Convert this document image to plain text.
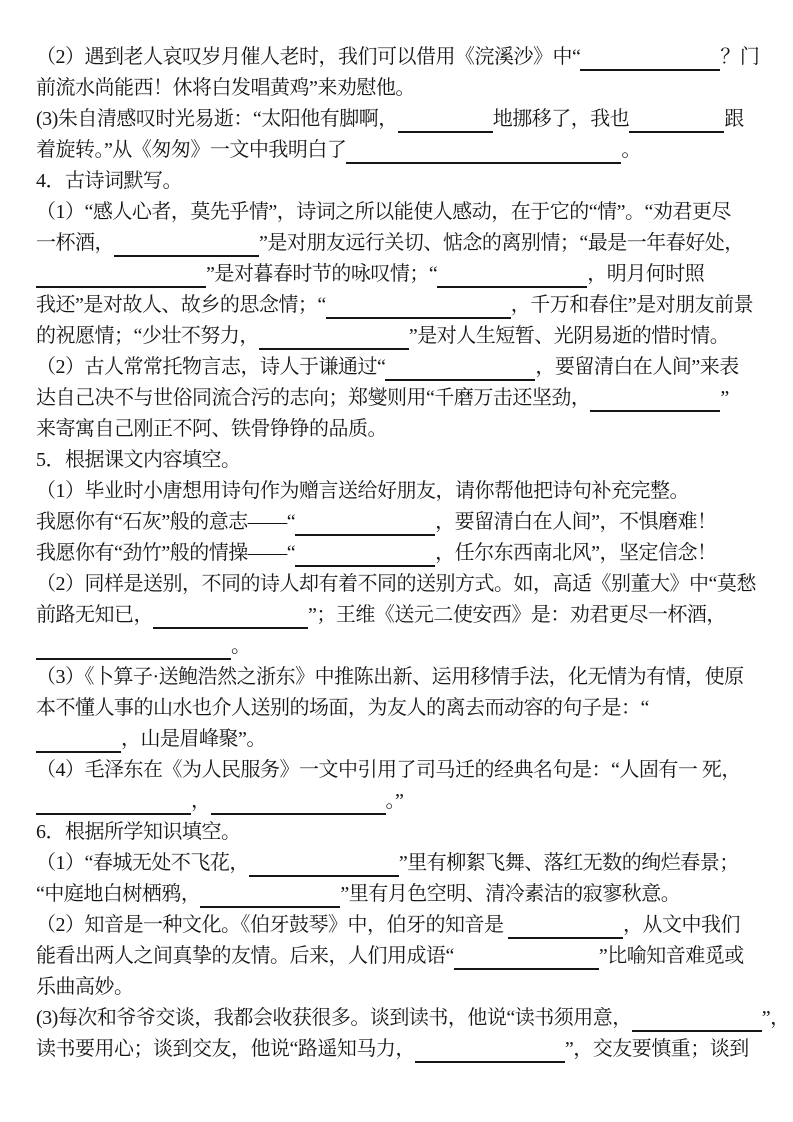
（2）遇到老人哀叹岁月催人老时，我们可以借用《浣溪沙》中“	？门
前流水尚能西！休将白发唱黄鸡”来劝慰他。
(3)朱自清感叹时光易逝：“太阳他有脚啊，	地挪移了，我也	跟
着旋转。”从《匆匆》一文中我明白了	。
4．古诗词默写。
（1）“感人心者，莫先乎情”，诗词之所以能使人感动，在于它的“情”。“劝君更尽
一杯酒，	”是对朋友远行关切、惦念的离别情；“最是一年春好处，
”是对暮春时节的咏叹情；“	，明月何时照
我还”是对故人、故乡的思念情；“	，千万和春住”是对朋友前景
的祝愿情；“少壮不努力，	”是对人生短暂、光阴易逝的惜时情。
（2）古人常常托物言志，诗人于谦通过“	，要留清白在人间”来表
达自己决不与世俗同流合污的志向；郑燮则用“千磨万击还坚劲，	”
来寄寓自己刚正不阿、铁骨铮铮的品质。
5．根据课文内容填空。
（1）毕业时小唐想用诗句作为赠言送给好朋友，请你帮他把诗句补充完整。
我愿你有“石灰”般的意志——“	，要留清白在人间”，不惧磨难！
我愿你有“劲竹”般的情操——“	，任尔东西南北风”，坚定信念！
（2）同样是送别，不同的诗人却有着不同的送别方式。如，高适《别董大》中“莫愁
前路无知已，	”；王维《送元二使安西》是：劝君更尽一杯酒，
。
（3）《卜算子·送鲍浩然之浙东》中推陈出新、运用移情手法，化无情为有情，使原
本不懂人事的山水也介人送别的场面，为友人的离去而动容的句子是：“
，山是眉峰聚”。
（4）毛泽东在《为人民服务》一文中引用了司马迁的经典名句是：“人固有一 死，
，	。”
6．根据所学知识填空。
（1）“春城无处不飞花，	”里有柳絮飞舞、落红无数的绚烂春景；
“中庭地白树栖鸦，	”里有月色空明、清冷素洁的寂寥秋意。
（2）知音是一种文化。《伯牙鼓琴》中，伯牙的知音是	，从文中我们
能看出两人之间真挚的友情。后来，人们用成语“	”比喻知音难觅或
乐曲高妙。
(3)每次和爷爷交谈，我都会收获很多。谈到读书，他说“读书须用意，	”，
读书要用心；谈到交友，他说“路遥知马力，	”，交友要慎重；谈到
